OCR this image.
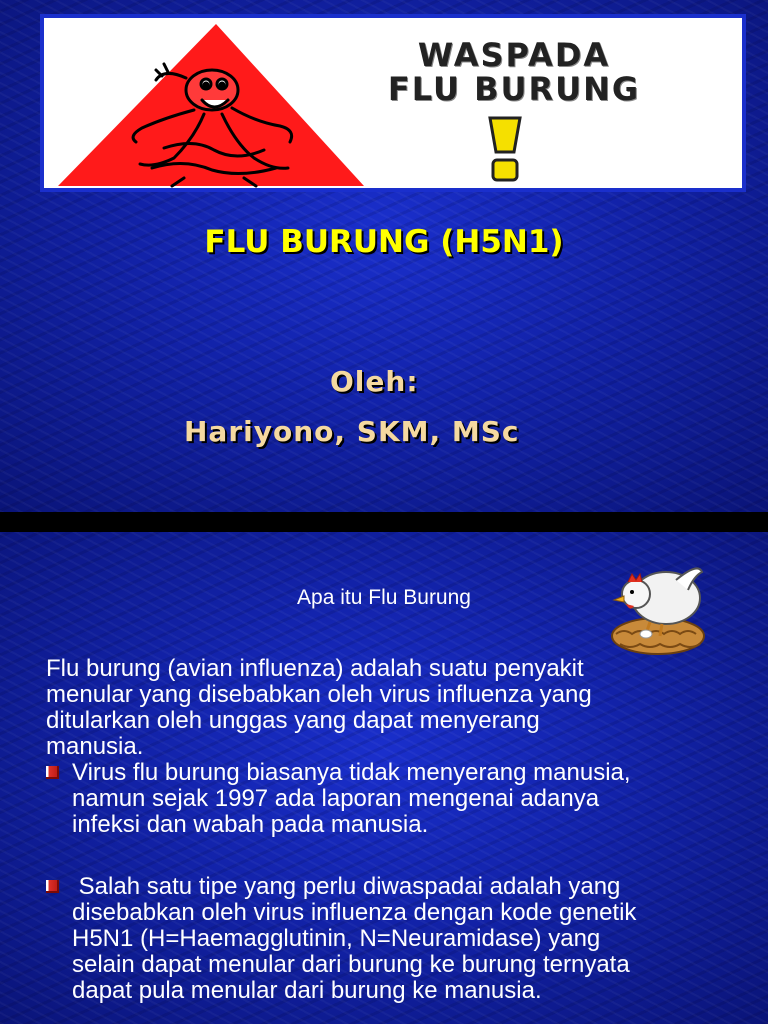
WASPADA
FLU BURUNG
FLU BURUNG (H5N1)
Oleh:
Hariyono, SKM, MSc
Apa itu Flu Burung

Flu burung (avian influenza) adalah suatu penyakit
menular yang disebabkan oleh virus influenza yang
ditularkan oleh unggas yang dapat menyerang
manusia.

Virus flu burung biasanya tidak menyerang manusia,
namun sejak 1997 ada laporan mengenai adanya
infeksi dan wabah pada manusia.
Salah satu tipe yang perlu diwaspadai adalah yang
disebabkan oleh virus influenza dengan kode genetik
H5N1 (H=Haemagglutinin, N=Neuramidase) yang
selain dapat menular dari burung ke burung ternyata
dapat pula menular dari burung ke manusia.
